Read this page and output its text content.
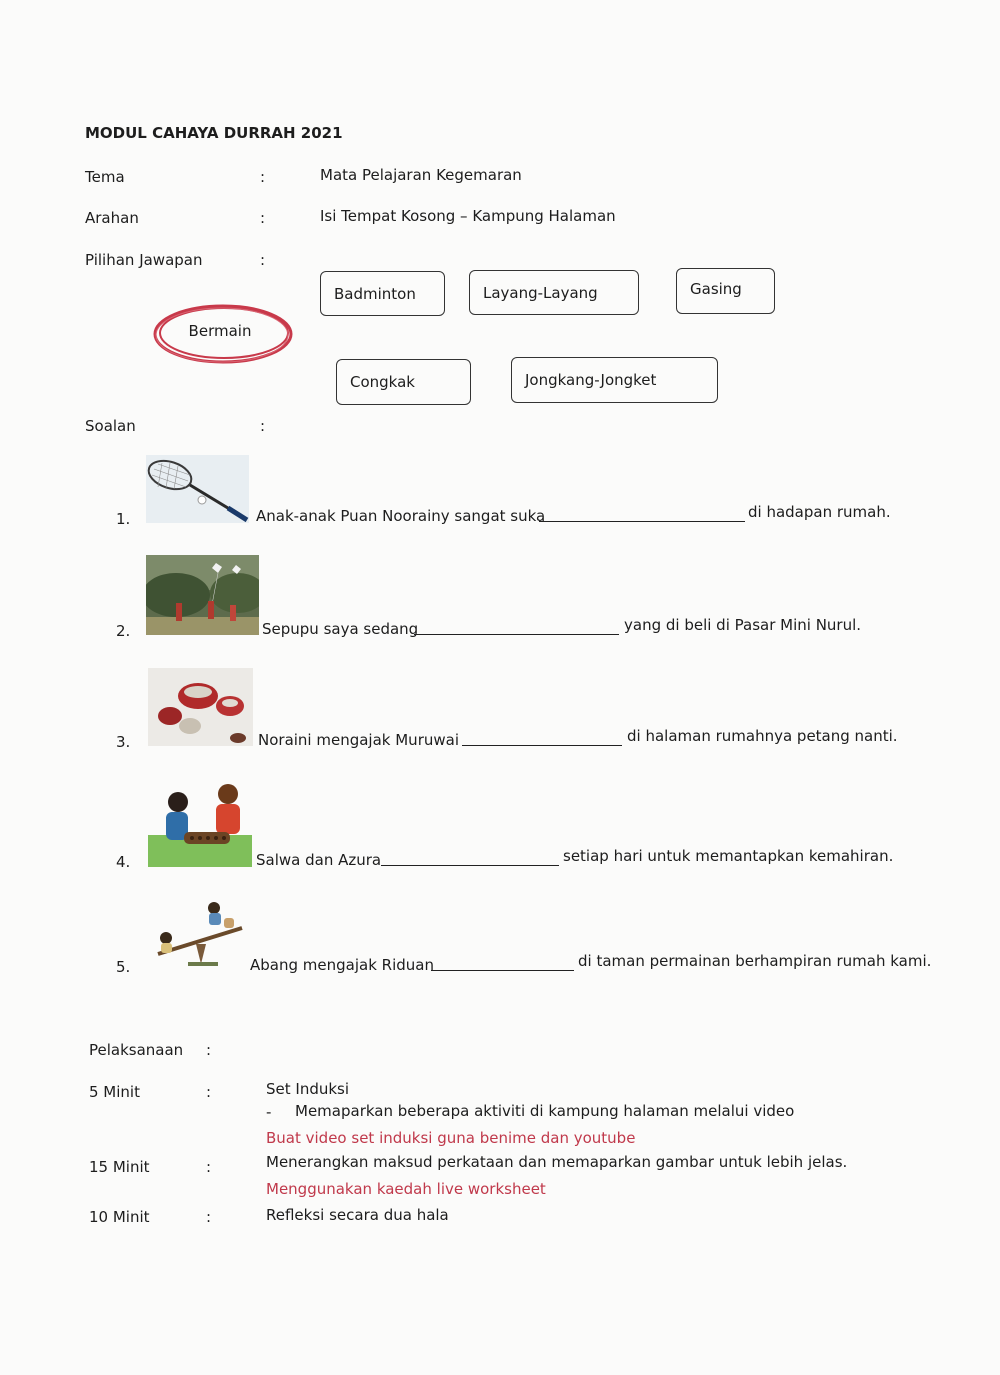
MODUL CAHAYA DURRAH 2021
Tema	:	Mata Pelajaran Kegemaran
Arahan	:	Isi Tempat Kosong – Kampung Halaman
Pilihan Jawapan	:
Bermain
Badminton	Layang-Layang	Gasing
Congkak	Jongkang-Jongket
Soalan	:
1.	Anak-anak Puan Noorainy sangat suka	di hadapan rumah.
2.	Sepupu saya sedang	yang di beli di Pasar Mini Nurul.
3.	Noraini mengajak Muruwai	di halaman rumahnya petang nanti.
4.	Salwa dan Azura	setiap hari untuk memantapkan kemahiran.
5.	Abang mengajak Riduan	di taman permainan berhampiran rumah kami.
Pelaksanaan :
5 Minit	:	Set Induksi
- Memaparkan beberapa aktiviti di kampung halaman melalui video
Buat video set induksi guna benime dan youtube
15 Minit	:	Menerangkan maksud perkataan dan memaparkan gambar untuk lebih jelas.
Menggunakan kaedah live worksheet
10 Minit	:	Refleksi secara dua hala
